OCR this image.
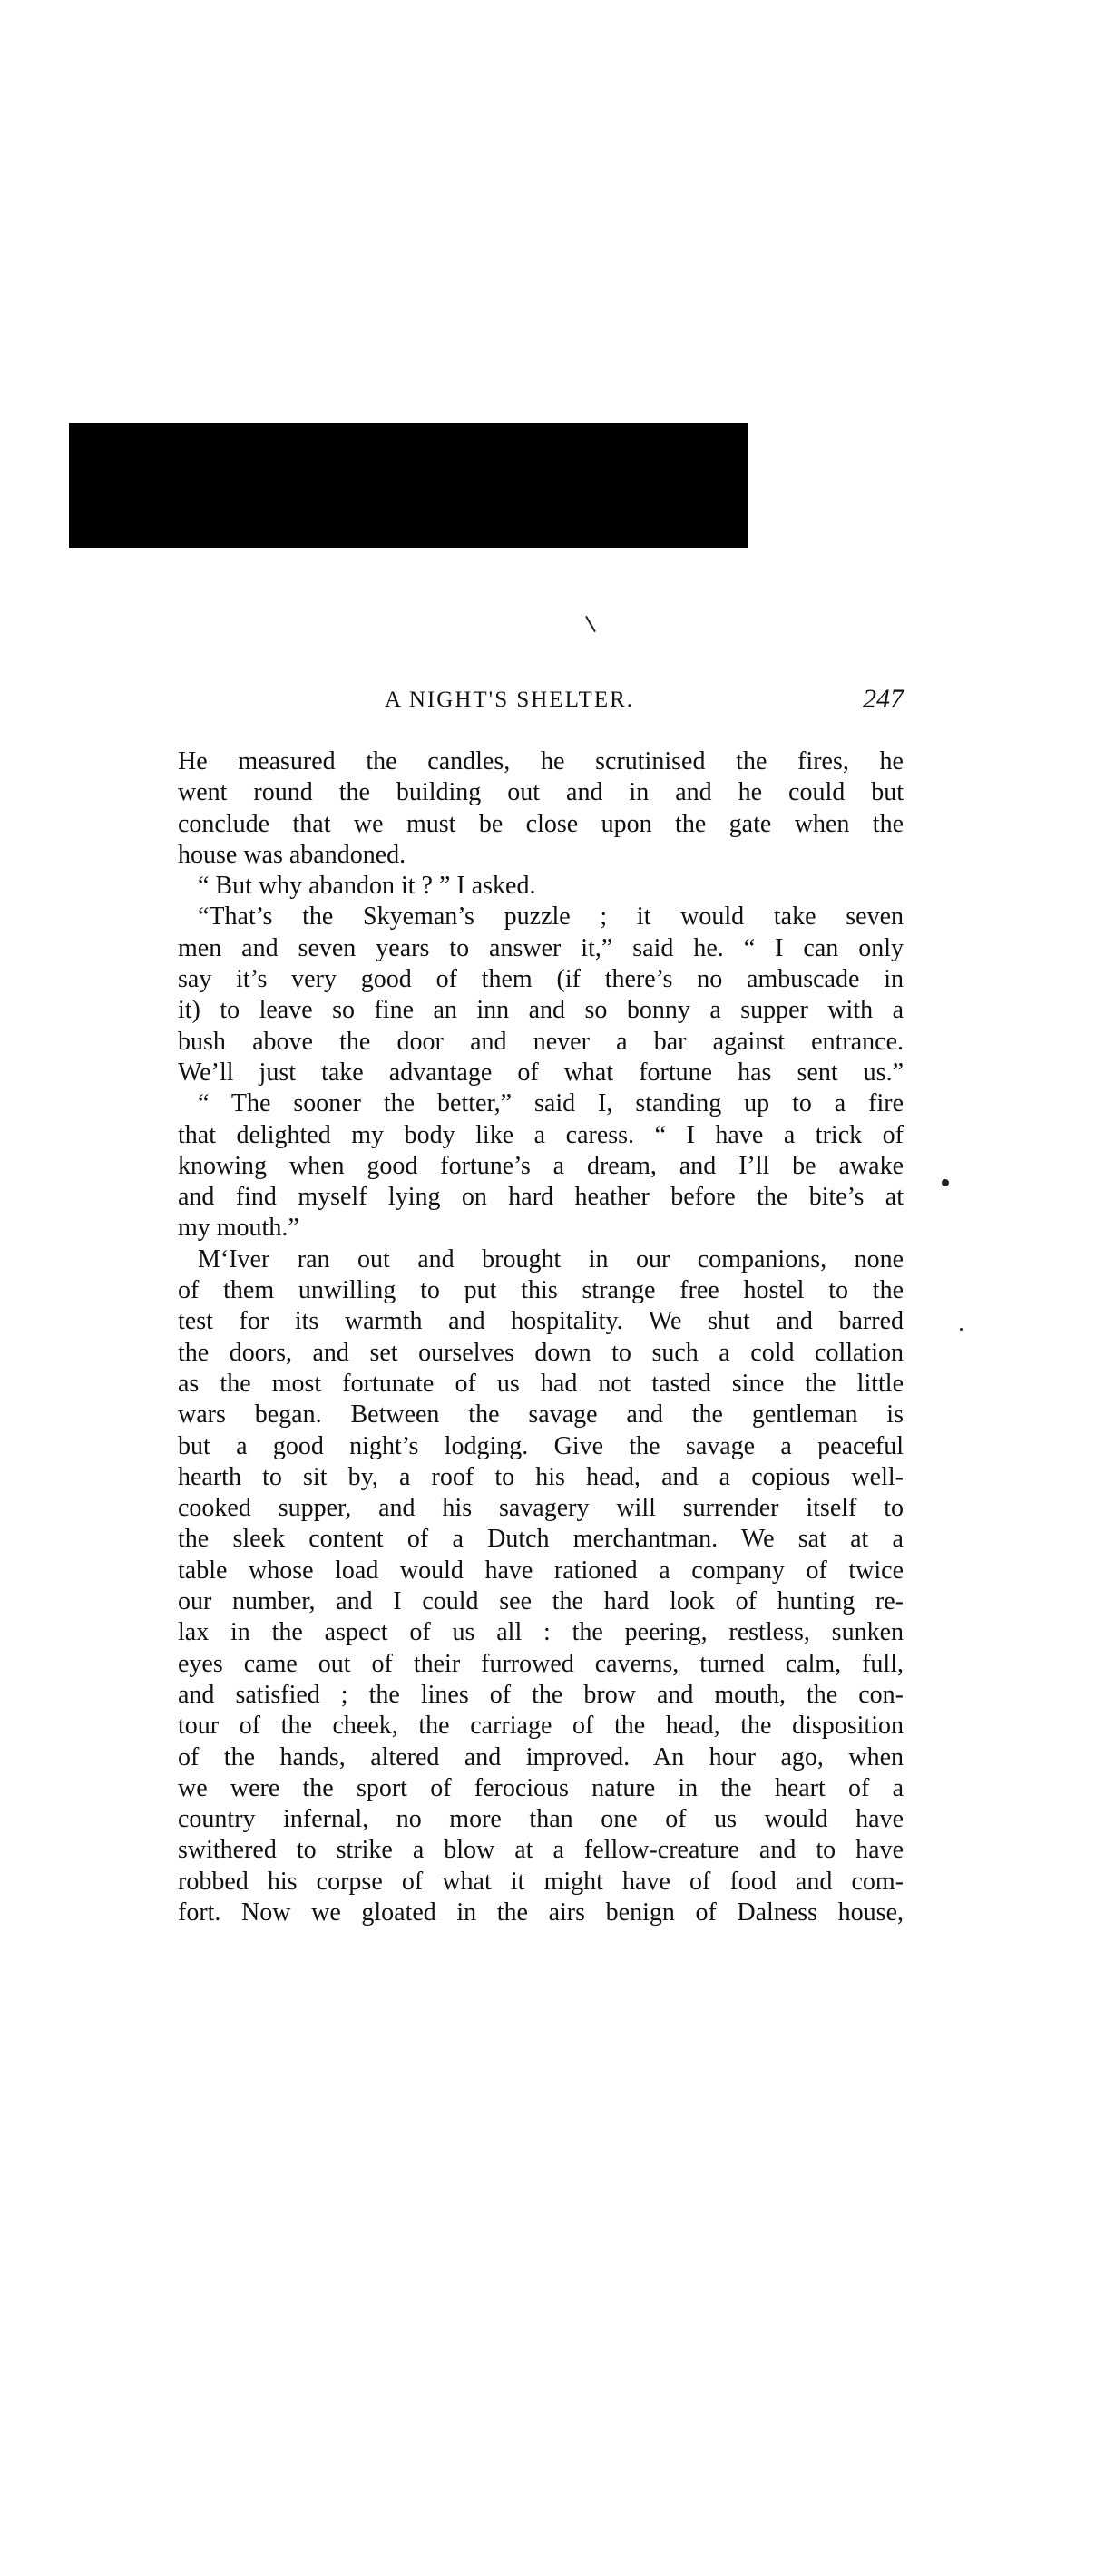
A NIGHT'S SHELTER.	247
He measured the candles, he scrutinised the fires, he
went round the building out and in and he could but
conclude that we must be close upon the gate when the
house was abandoned.
“ But why abandon it ? ” I asked.
“That’s the Skyeman’s puzzle ; it would take seven
men and seven years to answer it,” said he. “ I can only
say it’s very good of them (if there’s no ambuscade in
it) to leave so fine an inn and so bonny a supper with a
bush above the door and never a bar against entrance.
We’ll just take advantage of what fortune has sent us.”
“ The sooner the better,” said I, standing up to a fire
that delighted my body like a caress. “ I have a trick of
knowing when good fortune’s a dream, and I’ll be awake
and find myself lying on hard heather before the bite’s at
my mouth.”
M‘Iver ran out and brought in our companions, none
of them unwilling to put this strange free hostel to the
test for its warmth and hospitality. We shut and barred
the doors, and set ourselves down to such a cold collation
as the most fortunate of us had not tasted since the little
wars began. Between the savage and the gentleman is
but a good night’s lodging. Give the savage a peaceful
hearth to sit by, a roof to his head, and a copious well-
cooked supper, and his savagery will surrender itself to
the sleek content of a Dutch merchantman. We sat at a
table whose load would have rationed a company of twice
our number, and I could see the hard look of hunting re-
lax in the aspect of us all : the peering, restless, sunken
eyes came out of their furrowed caverns, turned calm, full,
and satisfied ; the lines of the brow and mouth, the con-
tour of the cheek, the carriage of the head, the disposition
of the hands, altered and improved. An hour ago, when
we were the sport of ferocious nature in the heart of a
country infernal, no more than one of us would have
swithered to strike a blow at a fellow-creature and to have
robbed his corpse of what it might have of food and com-
fort. Now we gloated in the airs benign of Dalness house,
